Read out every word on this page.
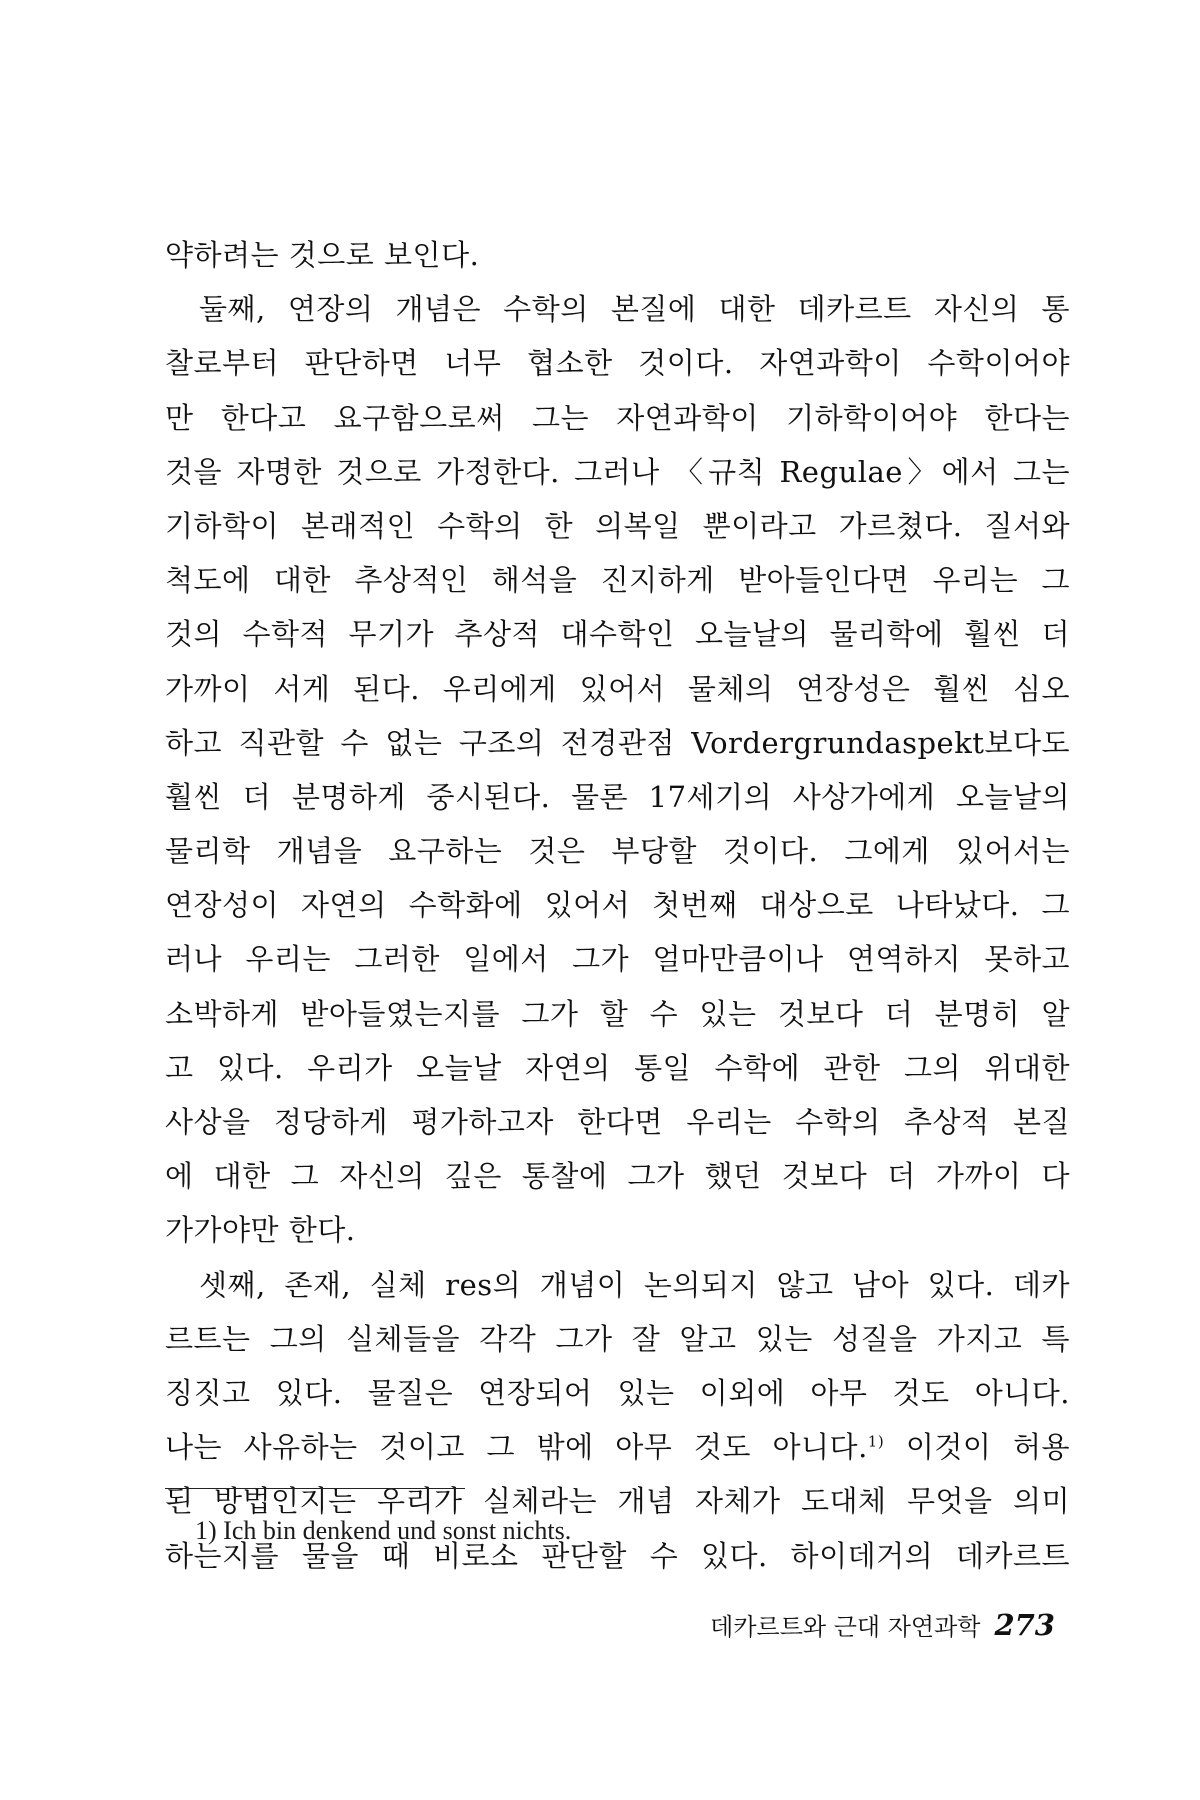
약하려는 것으로 보인다.
둘째, 연장의 개념은 수학의 본질에 대한 데카르트 자신의 통
찰로부터 판단하면 너무 협소한 것이다. 자연과학이 수학이어야
만 한다고 요구함으로써 그는 자연과학이 기하학이어야 한다는
것을 자명한 것으로 가정한다. 그러나 〈규칙 Regulae〉에서 그는
기하학이 본래적인 수학의 한 의복일 뿐이라고 가르쳤다. 질서와
척도에 대한 추상적인 해석을 진지하게 받아들인다면 우리는 그
것의 수학적 무기가 추상적 대수학인 오늘날의 물리학에 훨씬 더
가까이 서게 된다. 우리에게 있어서 물체의 연장성은 훨씬 심오
하고 직관할 수 없는 구조의 전경관점 Vordergrundaspekt보다도
훨씬 더 분명하게 중시된다. 물론 17세기의 사상가에게 오늘날의
물리학 개념을 요구하는 것은 부당할 것이다. 그에게 있어서는
연장성이 자연의 수학화에 있어서 첫번째 대상으로 나타났다. 그
러나 우리는 그러한 일에서 그가 얼마만큼이나 연역하지 못하고
소박하게 받아들였는지를 그가 할 수 있는 것보다 더 분명히 알
고 있다. 우리가 오늘날 자연의 통일 수학에 관한 그의 위대한
사상을 정당하게 평가하고자 한다면 우리는 수학의 추상적 본질
에 대한 그 자신의 깊은 통찰에 그가 했던 것보다 더 가까이 다
가가야만 한다.
셋째, 존재, 실체 res의 개념이 논의되지 않고 남아 있다. 데카
르트는 그의 실체들을 각각 그가 잘 알고 있는 성질을 가지고 특
징짓고 있다. 물질은 연장되어 있는 이외에 아무 것도 아니다.
나는 사유하는 것이고 그 밖에 아무 것도 아니다.$^{1)}$ 이것이 허용
된 방법인지는 우리가 실체라는 개념 자체가 도대체 무엇을 의미
하는지를 물을 때 비로소 판단할 수 있다. 하이데거의 데카르트
1) Ich bin denkend und sonst nichts.
데카르트와 근대 자연과학 273
